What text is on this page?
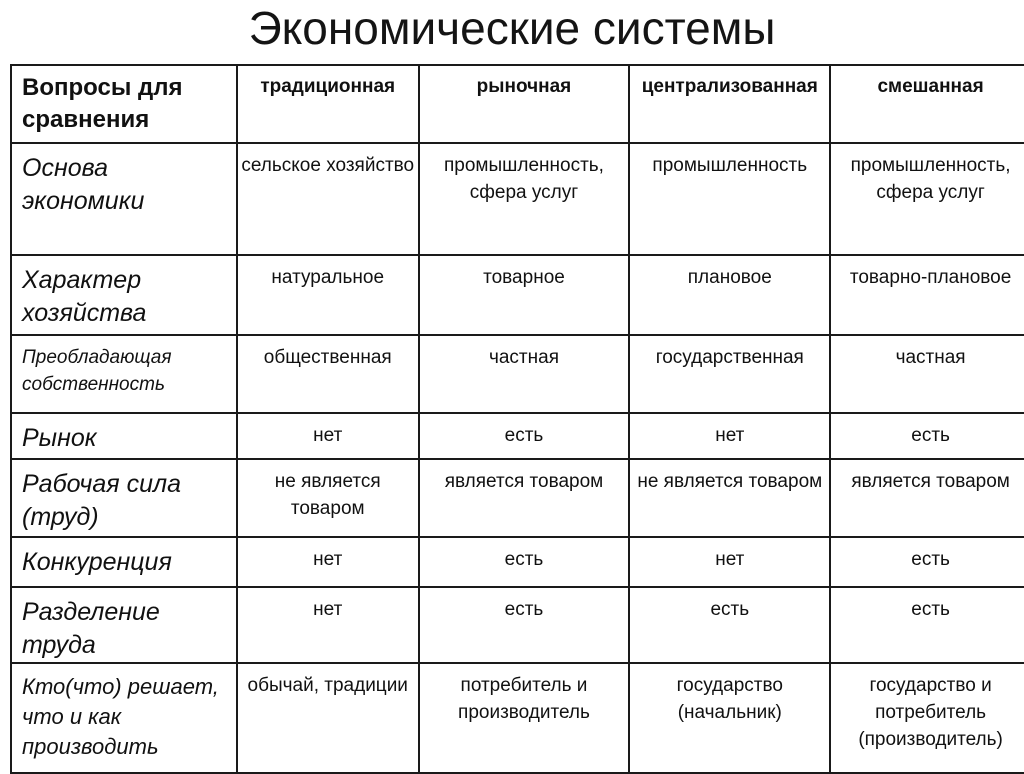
Экономические системы
Вопросы для сравнения	традиционная	рыночная	централизованная	смешанная
Основа экономики	сельское хозяйство	промышленность, сфера услуг	промышленность	промышленность, сфера услуг
Характер хозяйства	натуральное	товарное	плановое	товарно-плановое
Преобладающая собственность	общественная	частная	государственная	частная
Рынок	нет	есть	нет	есть
Рабочая сила (труд)	не является товаром	является товаром	не является товаром	является товаром
Конкуренция	нет	есть	нет	есть
Разделение труда	нет	есть	есть	есть
Кто(что) решает, что и как производить	обычай, традиции	потребитель и производитель	государство (начальник)	государство и потребитель (производитель)
